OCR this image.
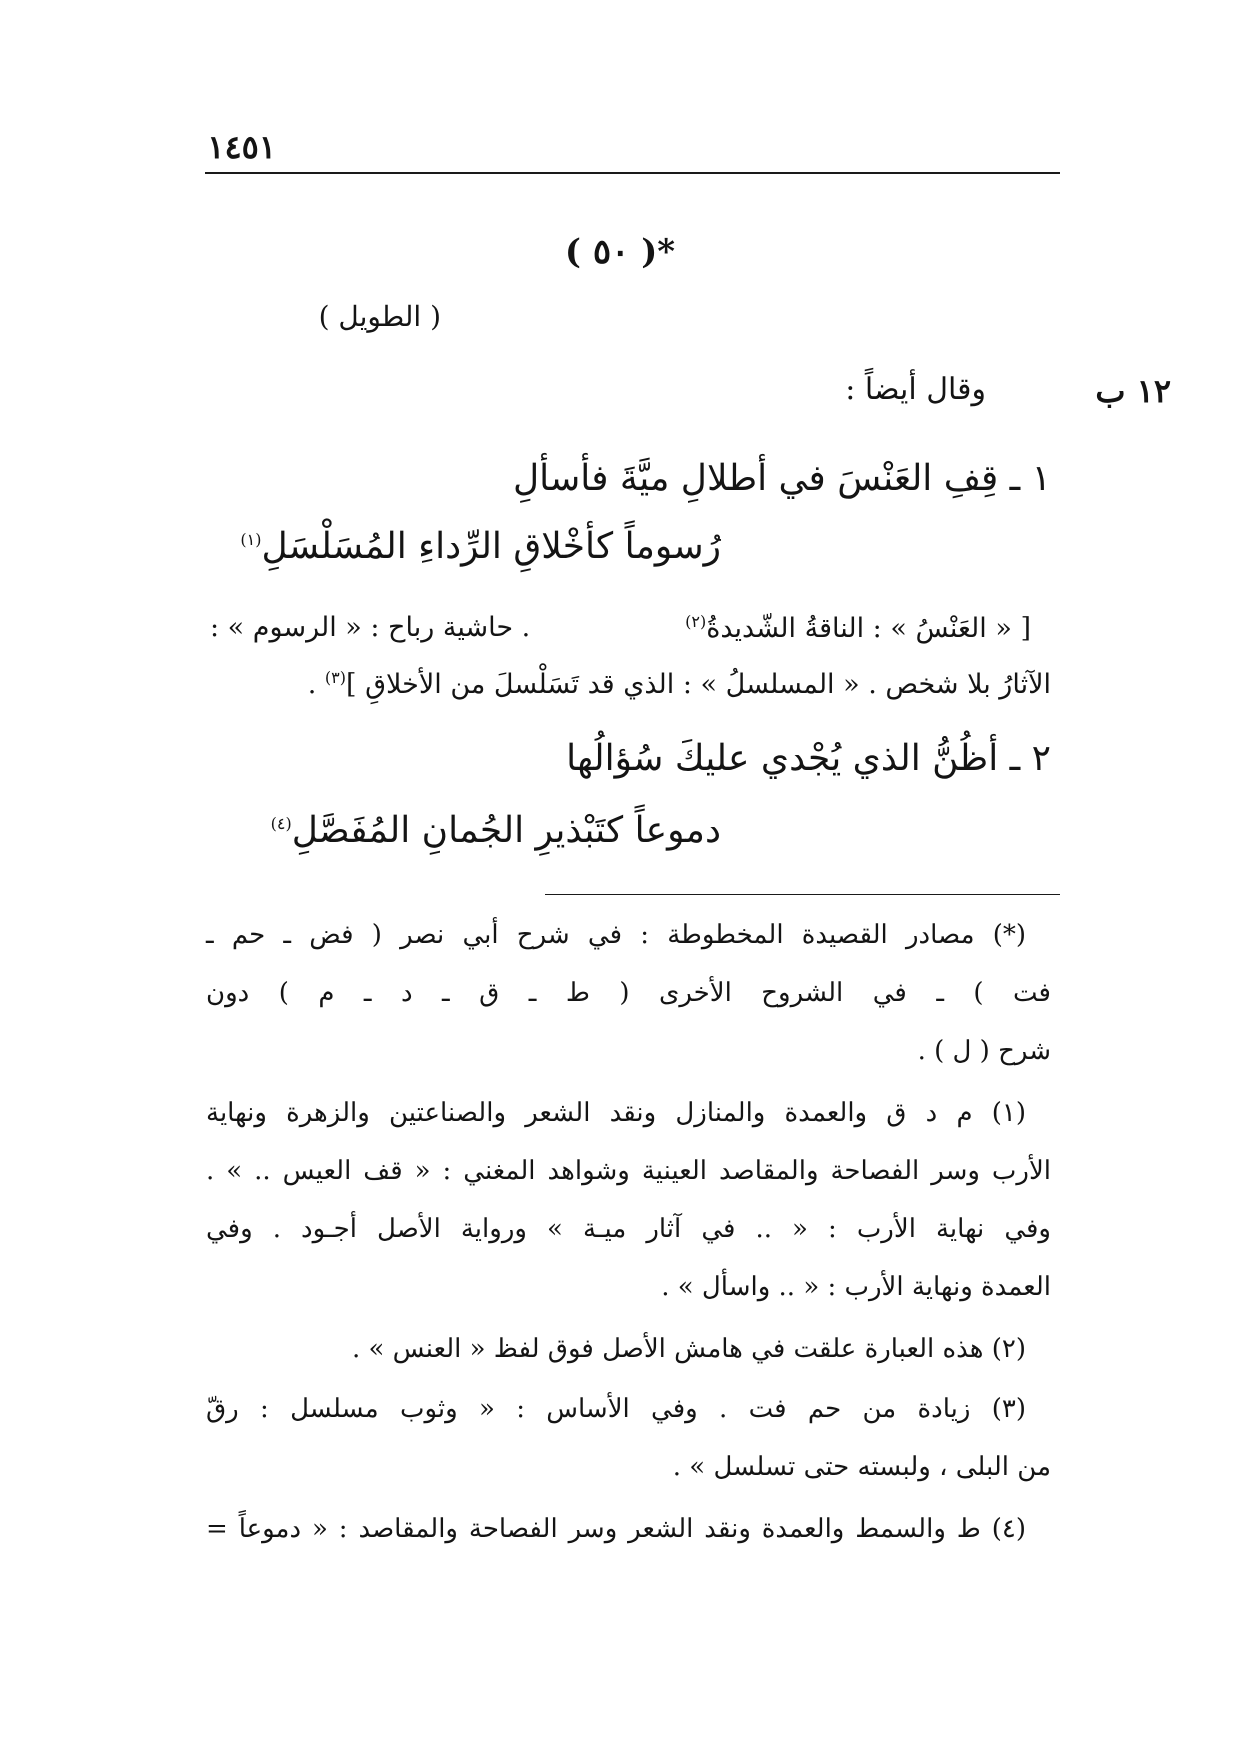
١٤٥١
*( ٥٠ )
( الطويل )
١٢ ب
وقال أيضاً :
١ ـ قِفِ العَنْسَ في أطلالِ ميَّةَ فأسألِ
رُسوماً كأخْلاقِ الرِّداءِ المُسَلْسَلِ$^{(١)}$
[ « العَنْسُ » : الناقةُ الشّديدةُ$^{(٢)}$
. حاشية رباح : « الرسوم » :
الآثارُ بلا شخص . « المسلسلُ » : الذي قد تَسَلْسلَ من الأخلاقِ ]$^{(٣)}$ .
٢ ـ أظُنُّ الذي يُجْدي عليكَ سُؤالُها
دموعاً كتَبْذيرِ الجُمانِ المُفَصَّلِ$^{(٤)}$
(*) مصادر القصيدة المخطوطة : في شرح أبي نصر ( فض ـ حم ـ
فت ) ـ في الشروح الأخرى ( ط ـ ق ـ د ـ م ) دون
شرح ( ل ) .
(١) م د ق والعمدة والمنازل ونقد الشعر والصناعتين والزهرة ونهاية
الأرب وسر الفصاحة والمقاصد العينية وشواهد المغني : « قف العيس .. » .
وفي نهاية الأرب : « .. في آثار ميـة » ورواية الأصل أجـود . وفي
العمدة ونهاية الأرب : « .. واسأل » .
(٢) هذه العبارة علقت في هامش الأصل فوق لفظ « العنس » .
(٣) زيادة من حم فت . وفي الأساس : « وثوب مسلسل : رقّ
من البلى ، ولبسته حتى تسلسل » .
(٤) ط والسمط والعمدة ونقد الشعر وسر الفصاحة والمقاصد : « دموعاً =
